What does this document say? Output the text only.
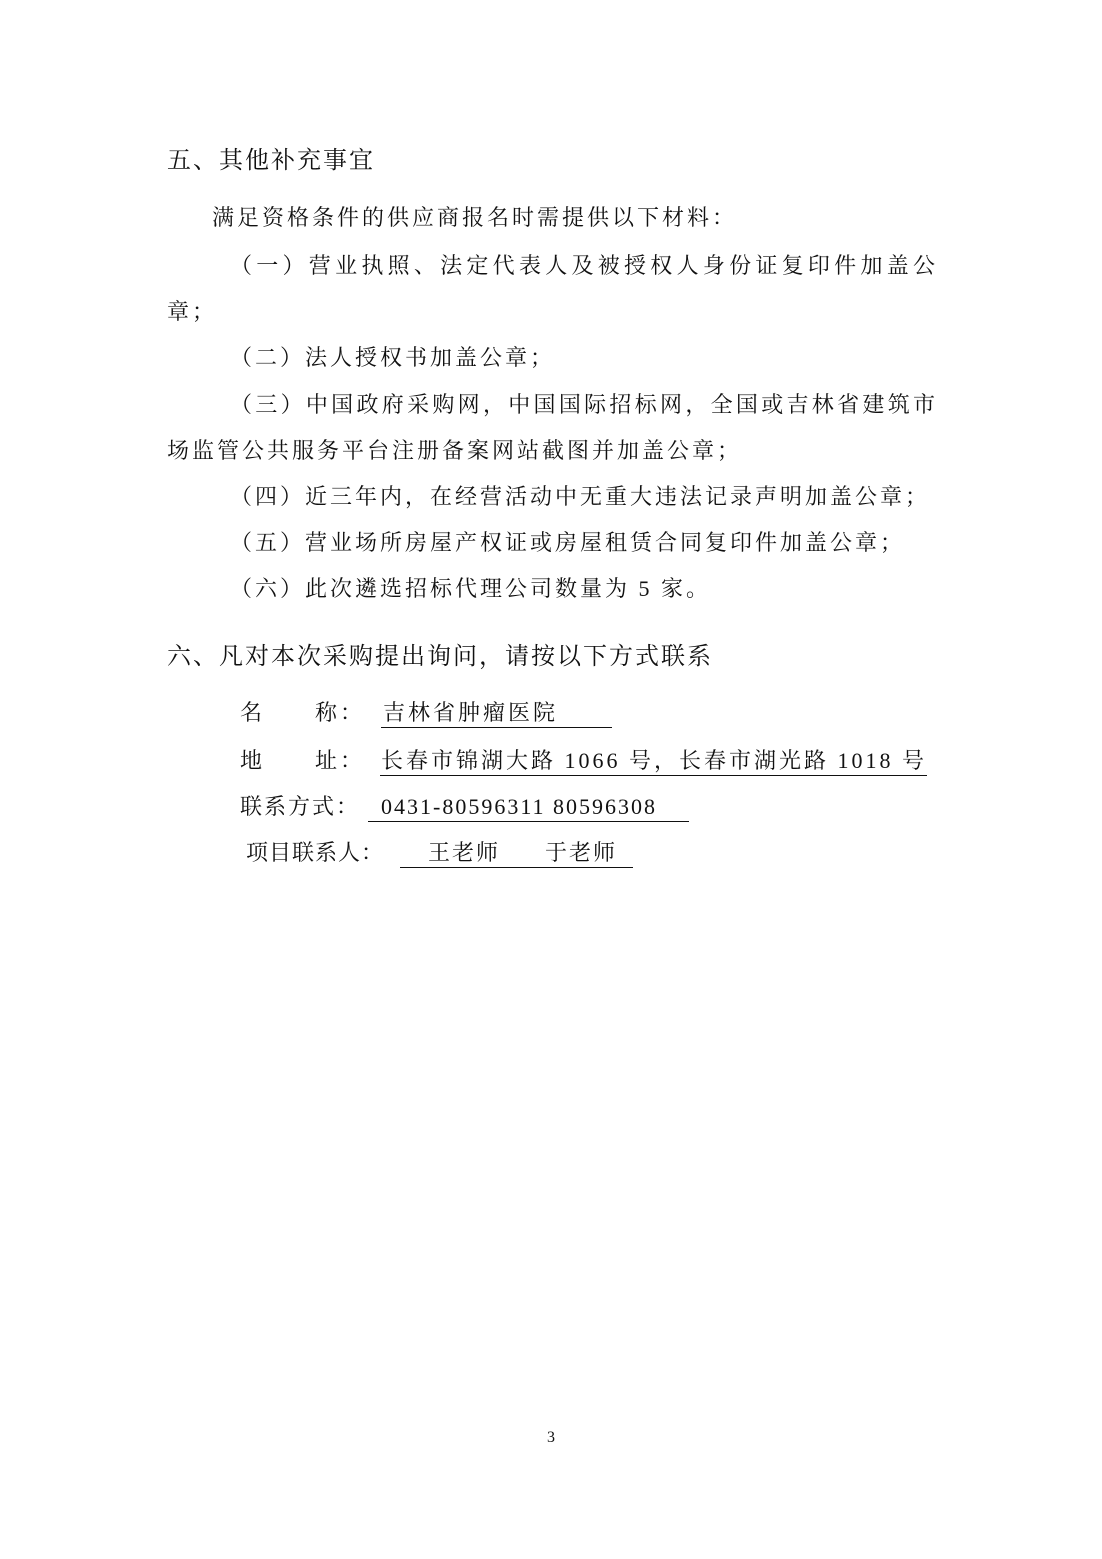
五、其他补充事宜
满足资格条件的供应商报名时需提供以下材料：
（一）营业执照、法定代表人及被授权人身份证复印件加盖公
章；
（二）法人授权书加盖公章；
（三）中国政府采购网，中国国际招标网，全国或吉林省建筑市
场监管公共服务平台注册备案网站截图并加盖公章；
（四）近三年内，在经营活动中无重大违法记录声明加盖公章；
（五）营业场所房屋产权证或房屋租赁合同复印件加盖公章；
（六）此次遴选招标代理公司数量为 5 家。
六、凡对本次采购提出询问，请按以下方式联系
名　　称： 吉林省肿瘤医院
地　　址： 长春市锦湖大路 1066 号，长春市湖光路 1018 号
联系方式： 0431-80596311 80596308
项目联系人：	王老师 于老师
3
